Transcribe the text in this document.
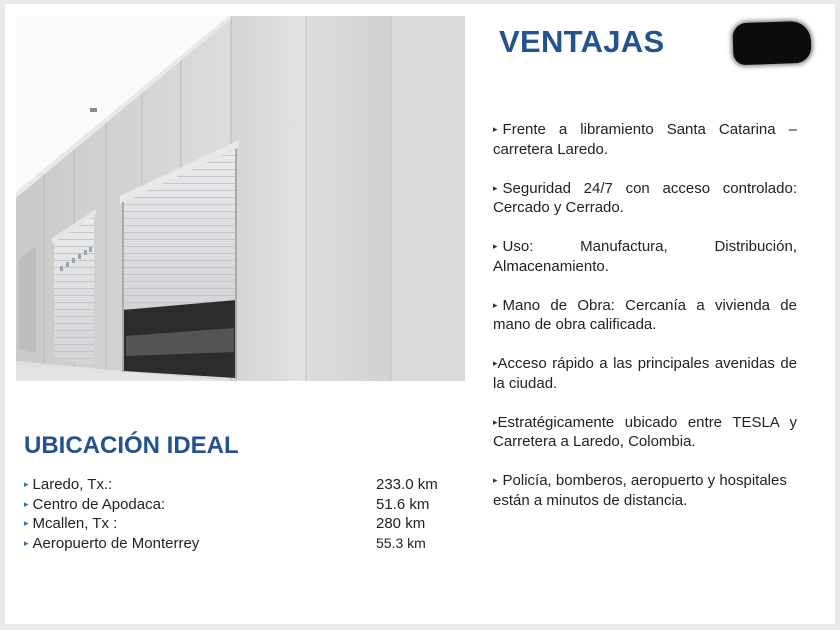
VENTAJAS
▸ Frente a libramiento Santa Catarina – carretera Laredo.
▸ Seguridad 24/7 con acceso controlado: Cercado y Cerrado.
▸ Uso: Manufactura, Distribución, Almacenamiento.
▸ Mano de Obra: Cercanía a vivienda de mano de obra calificada.
▸Acceso rápido a las principales avenidas de la ciudad.
▸Estratégicamente ubicado entre TESLA y Carretera a Laredo, Colombia.
▸ Policía, bomberos, aeropuerto y hospitales están a minutos de distancia.
UBICACIÓN IDEAL
▸ Laredo, Tx.:	233.0 km
▸ Centro de Apodaca:	51.6 km
▸ Mcallen, Tx :	280 km
▸ Aeropuerto de Monterrey	55.3 km
